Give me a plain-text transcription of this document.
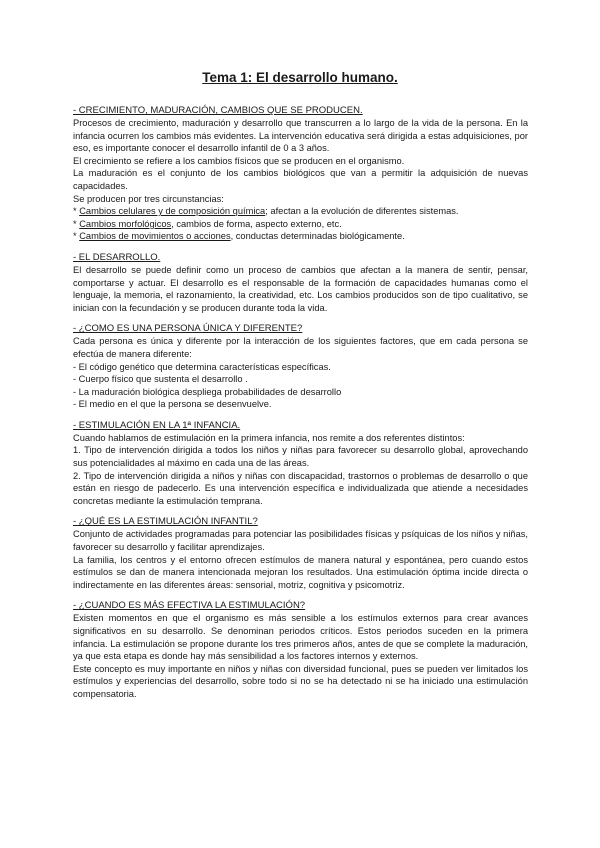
Tema 1: El desarrollo humano.

- CRECIMIENTO, MADURACIÓN, CAMBIOS QUE SE PRODUCEN.

Procesos de crecimiento, maduración y desarrollo que transcurren a lo largo de la vida de la persona. En la infancia ocurren los cambios más evidentes. La intervención educativa será dirigida a estas adquisiciones, por eso, es importante conocer el desarrollo infantil de 0 a 3 años.

El crecimiento se refiere a los cambios físicos que se producen en el organismo.

La maduración es el conjunto de los cambios biológicos que van a permitir la adquisición de nuevas capacidades.

Se producen por tres circunstancias:

* Cambios celulares y de composición química; afectan a la evolución de diferentes sistemas.

* Cambios morfológicos, cambios de forma, aspecto externo, etc.

* Cambios de movimientos o acciones, conductas determinadas biológicamente.

- EL DESARROLLO.

El desarrollo se puede definir como un proceso de cambios que afectan a la manera de sentir, pensar, comportarse y actuar. El desarrollo es el responsable de la formación de capacidades humanas como el lenguaje, la memoria, el razonamiento, la creatividad, etc. Los cambios producidos son de tipo cualitativo, se inician con la fecundación y se producen durante toda la vida.

- ¿COMO ES UNA PERSONA ÚNICA Y DIFERENTE?

Cada persona es única y diferente por la interacción de los siguientes factores, que em cada persona se efectúa de manera diferente:

- El código genético que determina características específicas.

- Cuerpo físico que sustenta el desarrollo .

- La maduración biológica despliega probabilidades de desarrollo

- El medio en el que la persona se desenvuelve.

- ESTIMULACIÓN EN LA 1ª INFANCIA.

Cuando hablamos de estimulación en la primera infancia, nos remite a dos referentes distintos:

1. Tipo de intervención dirigida a todos los niños y niñas para favorecer su desarrollo global, aprovechando sus potencialidades al máximo en cada una de las áreas.

2. Tipo de intervención dirigida a niños y niñas con discapacidad, trastornos o problemas de desarrollo o que están en riesgo de padecerlo. Es una intervención específica e individualizada que atiende a necesidades concretas mediante la estimulación temprana.

- ¿QUÉ ES LA ESTIMULACIÓN INFANTIL?

Conjunto de actividades programadas para potenciar las posibilidades físicas y psíquicas de los niños y niñas, favorecer su desarrollo y facilitar aprendizajes.

La familia, los centros y el entorno ofrecen estímulos de manera natural y espontánea, pero cuando estos estímulos se dan de manera intencionada mejoran los resultados. Una estimulación óptima incide directa o indirectamente en las diferentes áreas: sensorial, motriz, cognitiva y psicomotriz.

- ¿CUANDO ES MÁS EFECTIVA LA ESTIMULACIÓN?

Existen momentos en que el organismo es más sensible a los estímulos externos para crear avances significativos en su desarrollo. Se denominan periodos críticos. Estos periodos suceden en la primera infancia. La estimulación se propone durante los tres primeros años, antes de que se complete la maduración, ya que esta etapa es donde hay más sensibilidad a los factores internos y externos.

Este concepto es muy importante en niños y niñas con diversidad funcional, pues se pueden ver limitados los estímulos y experiencias del desarrollo, sobre todo si no se ha detectado ni se ha iniciado una estimulación compensatoria.
